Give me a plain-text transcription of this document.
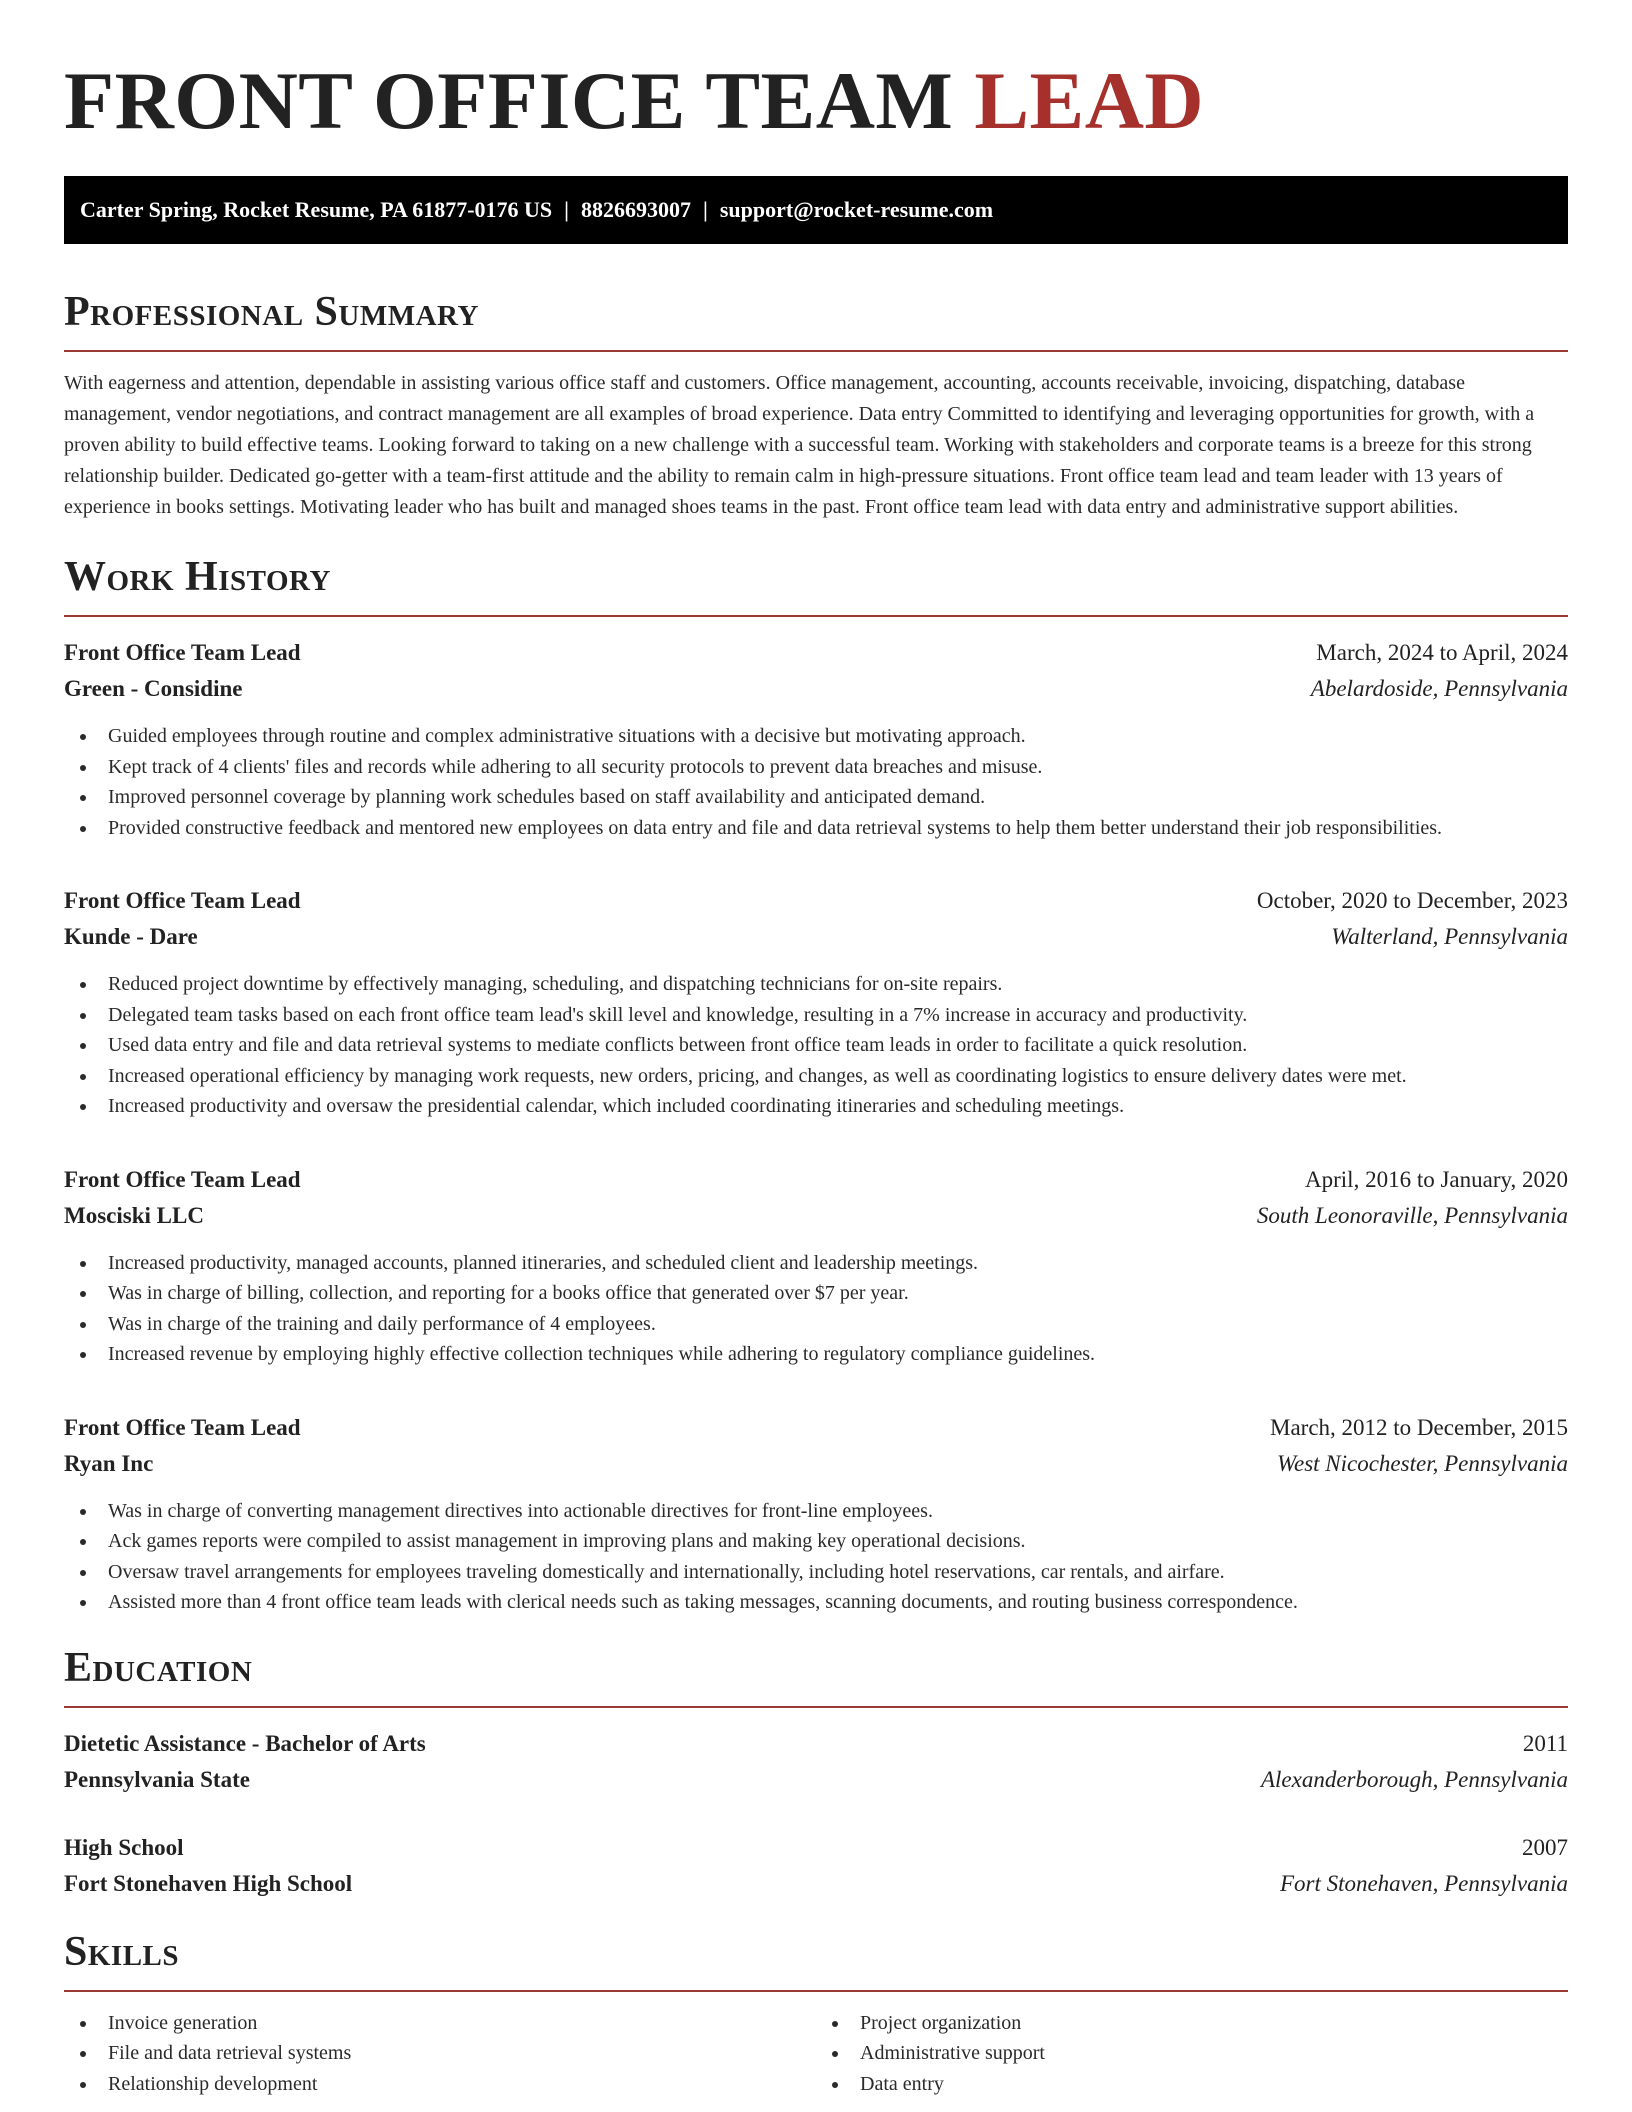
FRONT OFFICE TEAM LEAD
Carter Spring, Rocket Resume, PA 61877-0176 US | 8826693007 | support@rocket-resume.com
Professional Summary

With eagerness and attention, dependable in assisting various office staff and customers. Office management, accounting, accounts receivable, invoicing, dispatching, database management, vendor negotiations, and contract management are all examples of broad experience. Data entry Committed to identifying and leveraging opportunities for growth, with a proven ability to build effective teams. Looking forward to taking on a new challenge with a successful team. Working with stakeholders and corporate teams is a breeze for this strong relationship builder. Dedicated go-getter with a team-first attitude and the ability to remain calm in high-pressure situations. Front office team lead and team leader with 13 years of experience in books settings. Motivating leader who has built and managed shoes teams in the past. Front office team lead with data entry and administrative support abilities.

Work History
Front Office Team Lead	March, 2024 to April, 2024
Green - Considine	Abelardoside, Pennsylvania
Guided employees through routine and complex administrative situations with a decisive but motivating approach.
Kept track of 4 clients' files and records while adhering to all security protocols to prevent data breaches and misuse.
Improved personnel coverage by planning work schedules based on staff availability and anticipated demand.
Provided constructive feedback and mentored new employees on data entry and file and data retrieval systems to help them better understand their job responsibilities.
Front Office Team Lead	October, 2020 to December, 2023
Kunde - Dare	Walterland, Pennsylvania
Reduced project downtime by effectively managing, scheduling, and dispatching technicians for on-site repairs.
Delegated team tasks based on each front office team lead's skill level and knowledge, resulting in a 7% increase in accuracy and productivity.
Used data entry and file and data retrieval systems to mediate conflicts between front office team leads in order to facilitate a quick resolution.
Increased operational efficiency by managing work requests, new orders, pricing, and changes, as well as coordinating logistics to ensure delivery dates were met.
Increased productivity and oversaw the presidential calendar, which included coordinating itineraries and scheduling meetings.
Front Office Team Lead	April, 2016 to January, 2020
Mosciski LLC	South Leonoraville, Pennsylvania
Increased productivity, managed accounts, planned itineraries, and scheduled client and leadership meetings.
Was in charge of billing, collection, and reporting for a books office that generated over $7 per year.
Was in charge of the training and daily performance of 4 employees.
Increased revenue by employing highly effective collection techniques while adhering to regulatory compliance guidelines.
Front Office Team Lead	March, 2012 to December, 2015
Ryan Inc	West Nicochester, Pennsylvania
Was in charge of converting management directives into actionable directives for front-line employees.
Ack games reports were compiled to assist management in improving plans and making key operational decisions.
Oversaw travel arrangements for employees traveling domestically and internationally, including hotel reservations, car rentals, and airfare.
Assisted more than 4 front office team leads with clerical needs such as taking messages, scanning documents, and routing business correspondence.
Education
Dietetic Assistance - Bachelor of Arts	2011
Pennsylvania State	Alexanderborough, Pennsylvania
High School	2007
Fort Stonehaven High School	Fort Stonehaven, Pennsylvania
Skills
Invoice generation
File and data retrieval systems
Relationship development
Project organization
Administrative support
Data entry
